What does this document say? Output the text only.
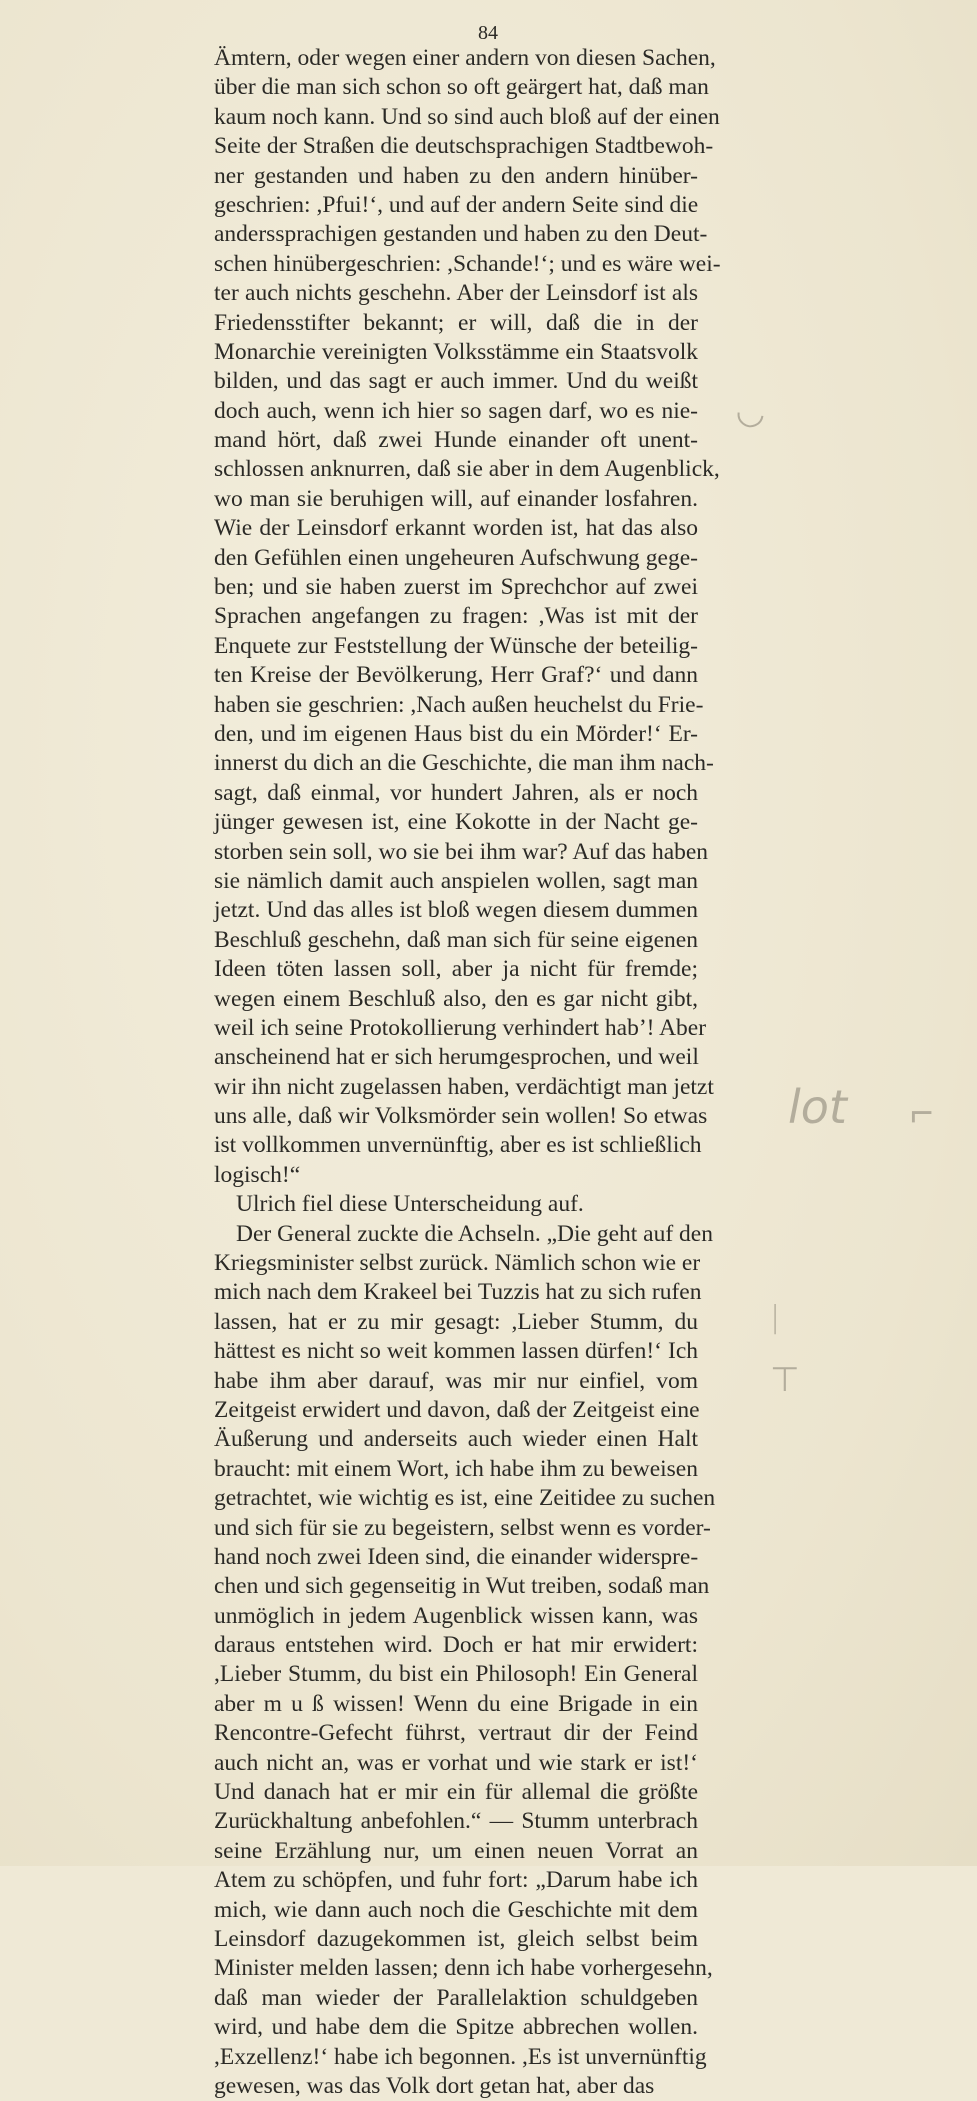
84
Ämtern, oder wegen einer andern von diesen Sachen,
über die man sich schon so oft geärgert hat, daß man
kaum noch kann. Und so sind auch bloß auf der einen
Seite der Straßen die deutschsprachigen Stadtbewoh-
ner gestanden und haben zu den andern hinüber-
geschrien: ,Pfui!‘, und auf der andern Seite sind die
anderssprachigen gestanden und haben zu den Deut-
schen hinübergeschrien: ,Schande!‘; und es wäre wei-
ter auch nichts geschehn. Aber der Leinsdorf ist als
Friedensstifter bekannt; er will, daß die in der
Monarchie vereinigten Volksstämme ein Staatsvolk
bilden, und das sagt er auch immer. Und du weißt
doch auch, wenn ich hier so sagen darf, wo es nie-
mand hört, daß zwei Hunde einander oft unent-
schlossen anknurren, daß sie aber in dem Augenblick,
wo man sie beruhigen will, auf einander losfahren.
Wie der Leinsdorf erkannt worden ist, hat das also
den Gefühlen einen ungeheuren Aufschwung gege-
ben; und sie haben zuerst im Sprechchor auf zwei
Sprachen angefangen zu fragen: ,Was ist mit der
Enquete zur Feststellung der Wünsche der beteilig-
ten Kreise der Bevölkerung, Herr Graf?‘ und dann
haben sie geschrien: ,Nach außen heuchelst du Frie-
den, und im eigenen Haus bist du ein Mörder!‘ Er-
innerst du dich an die Geschichte, die man ihm nach-
sagt, daß einmal, vor hundert Jahren, als er noch
jünger gewesen ist, eine Kokotte in der Nacht ge-
storben sein soll, wo sie bei ihm war? Auf das haben
sie nämlich damit auch anspielen wollen, sagt man
jetzt. Und das alles ist bloß wegen diesem dummen
Beschluß geschehn, daß man sich für seine eigenen
Ideen töten lassen soll, aber ja nicht für fremde;
wegen einem Beschluß also, den es gar nicht gibt,
weil ich seine Protokollierung verhindert hab’! Aber
anscheinend hat er sich herumgesprochen, und weil
wir ihn nicht zugelassen haben, verdächtigt man jetzt
uns alle, daß wir Volksmörder sein wollen! So etwas
ist vollkommen unvernünftig, aber es ist schließlich
logisch!“
Ulrich fiel diese Unterscheidung auf.
Der General zuckte die Achseln. „Die geht auf den
Kriegsminister selbst zurück. Nämlich schon wie er
mich nach dem Krakeel bei Tuzzis hat zu sich rufen
lassen, hat er zu mir gesagt: ,Lieber Stumm, du
hättest es nicht so weit kommen lassen dürfen!‘ Ich
habe ihm aber darauf, was mir nur einfiel, vom
Zeitgeist erwidert und davon, daß der Zeitgeist eine
Äußerung und anderseits auch wieder einen Halt
braucht: mit einem Wort, ich habe ihm zu beweisen
getrachtet, wie wichtig es ist, eine Zeitidee zu suchen
und sich für sie zu begeistern, selbst wenn es vorder-
hand noch zwei Ideen sind, die einander widerspre-
chen und sich gegenseitig in Wut treiben, sodaß man
unmöglich in jedem Augenblick wissen kann, was
daraus entstehen wird. Doch er hat mir erwidert:
,Lieber Stumm, du bist ein Philosoph! Ein General
aber m u ß wissen! Wenn du eine Brigade in ein
Rencontre-Gefecht führst, vertraut dir der Feind
auch nicht an, was er vorhat und wie stark er ist!‘
Und danach hat er mir ein für allemal die größte
Zurückhaltung anbefohlen.“ — Stumm unterbrach
seine Erzählung nur, um einen neuen Vorrat an
Atem zu schöpfen, und fuhr fort: „Darum habe ich
mich, wie dann auch noch die Geschichte mit dem
Leinsdorf dazugekommen ist, gleich selbst beim
Minister melden lassen; denn ich habe vorhergesehn,
daß man wieder der Parallelaktion schuldgeben
wird, und habe dem die Spitze abbrechen wollen.
,Exzellenz!‘ habe ich begonnen. ,Es ist unvernünftig
gewesen, was das Volk dort getan hat, aber das
◡
lot ⌐
|
⊤
